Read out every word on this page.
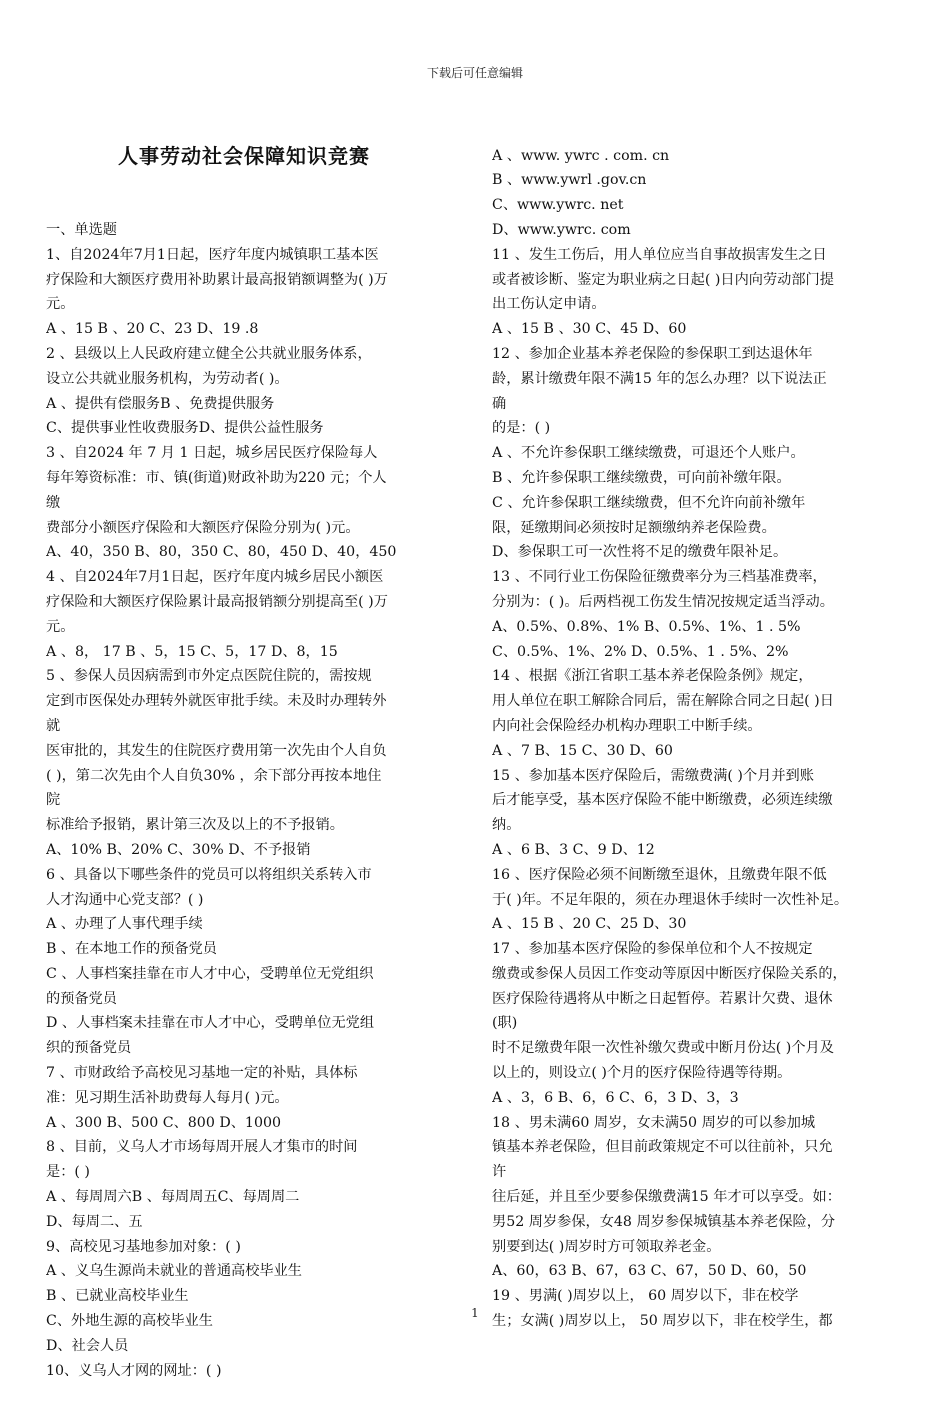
下载后可任意编辑

人事劳动社会保障知识竞赛

一、单选题
1、自2024年7月1日起，医疗年度内城镇职工基本医
疗保险和大额医疗费用补助累计最高报销额调整为( )万
元。
A 、15 B 、20 C、23 D、19 .8
2 、县级以上人民政府建立健全公共就业服务体系，
设立公共就业服务机构，为劳动者( )。
A 、提供有偿服务B 、免费提供服务
C、提供事业性收费服务D、提供公益性服务
3 、自2024 年 7 月 1 日起，城乡居民医疗保险每人
每年筹资标准：市、镇(街道)财政补助为220 元；个人
缴
费部分小额医疗保险和大额医疗保险分别为( )元。
A、40，350 B、80，350 C、80，450 D、40，450
4 、自2024年7月1日起，医疗年度内城乡居民小额医
疗保险和大额医疗保险累计最高报销额分别提高至( )万
元。
A 、8， 17 B 、5，15 C、5，17 D、8，15
5 、参保人员因病需到市外定点医院住院的，需按规
定到市医保处办理转外就医审批手续。未及时办理转外
就
医审批的，其发生的住院医疗费用第一次先由个人自负
( )，第二次先由个人自负30% ，余下部分再按本地住
院
标准给予报销，累计第三次及以上的不予报销。
A、10% B、20% C、30% D、不予报销
6 、具备以下哪些条件的党员可以将组织关系转入市
人才沟通中心党支部？( )
A 、办理了人事代理手续
B 、在本地工作的预备党员
C 、人事档案挂靠在市人才中心，受聘单位无党组织
的预备党员
D 、人事档案未挂靠在市人才中心，受聘单位无党组
织的预备党员
7 、市财政给予高校见习基地一定的补贴，具体标
准：见习期生活补助费每人每月( )元。
A 、300 B、500 C、800 D、1000
8 、目前，义乌人才市场每周开展人才集市的时间
是：( )
A 、每周周六B 、每周周五C、每周周二
D、每周二、五
9、高校见习基地参加对象：( )
A 、义乌生源尚未就业的普通高校毕业生
B 、已就业高校毕业生
C、外地生源的高校毕业生
D、社会人员
10、义乌人才网的网址：( )

A 、www. ywrc . com. cn
B 、www.ywrl .gov.cn
C、www.ywrc. net
D、www.ywrc. com
11 、发生工伤后，用人单位应当自事故损害发生之日
或者被诊断、鉴定为职业病之日起( )日内向劳动部门提
出工伤认定申请。
A 、15 B 、30 C、45 D、60
12 、参加企业基本养老保险的参保职工到达退休年
龄，累计缴费年限不满15 年的怎么办理？以下说法正
确
的是：( )
A 、不允许参保职工继续缴费，可退还个人账户。
B 、允许参保职工继续缴费，可向前补缴年限。
C 、允许参保职工继续缴费，但不允许向前补缴年
限，延缴期间必须按时足额缴纳养老保险费。
D、参保职工可一次性将不足的缴费年限补足。
13 、不同行业工伤保险征缴费率分为三档基准费率，
分别为：( )。后两档视工伤发生情况按规定适当浮动。
A、0.5%、0.8%、1% B、0.5%、1%、1 . 5%
C、0.5%、1%、2% D、0.5%、1 . 5%、2%
14 、根据《浙江省职工基本养老保险条例》规定，
用人单位在职工解除合同后，需在解除合同之日起( )日
内向社会保险经办机构办理职工中断手续。
A 、7 B、15 C、30 D、60
15 、参加基本医疗保险后，需缴费满( )个月并到账
后才能享受，基本医疗保险不能中断缴费，必须连续缴
纳。
A 、6 B、3 C、9 D、12
16 、医疗保险必须不间断缴至退休，且缴费年限不低
于( )年。不足年限的，须在办理退休手续时一次性补足。
A 、15 B 、20 C、25 D、30
17 、参加基本医疗保险的参保单位和个人不按规定
缴费或参保人员因工作变动等原因中断医疗保险关系的，
医疗保险待遇将从中断之日起暂停。若累计欠费、退休
(职)
时不足缴费年限一次性补缴欠费或中断月份达( )个月及
以上的，则设立( )个月的医疗保险待遇等待期。
A 、3，6 B、6，6 C、6，3 D、3，3
18 、男未满60 周岁，女未满50 周岁的可以参加城
镇基本养老保险，但目前政策规定不可以往前补，只允
许
往后延，并且至少要参保缴费满15 年才可以享受。如：
男52 周岁参保，女48 周岁参保城镇基本养老保险，分
别要到达( )周岁时方可领取养老金。
A、60，63 B、67，63 C、67，50 D、60，50
19 、男满( )周岁以上， 60 周岁以下，非在校学
生；女满( )周岁以上， 50 周岁以下，非在校学生，都

1
